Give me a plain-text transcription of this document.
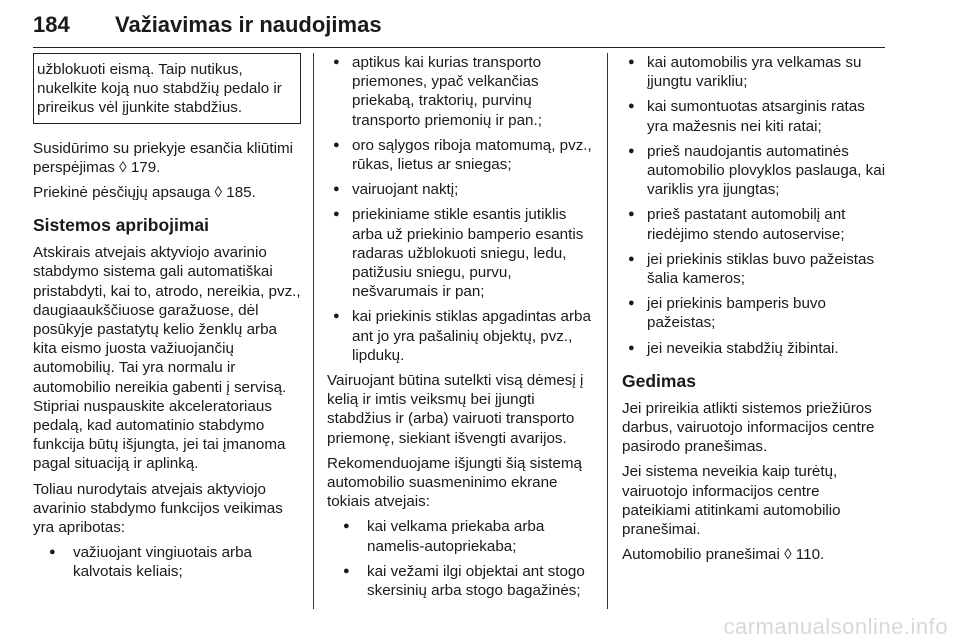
184 Važiavimas ir naudojimas

užblokuoti eismą. Taip nutikus, nukelkite koją nuo stabdžių pedalo ir prireikus vėl įjunkite stabdžius.

Susidūrimo su priekyje esančia kliūtimi perspėjimas ◊ 179.

Priekinė pėsčiųjų apsauga ◊ 185.

Sistemos apribojimai

Atskirais atvejais aktyviojo avarinio stabdymo sistema gali automatiškai pristabdyti, kai to, atrodo, nereikia, pvz., daugiaaukščiuose garažuose, dėl posūkyje pastatytų kelio ženklų arba kita eismo juosta važiuojančių automobilių. Tai yra normalu ir automobilio nereikia gabenti į servisą. Stipriai nuspauskite akceleratoriaus pedalą, kad automatinio stabdymo funkcija būtų išjungta, jei tai įmanoma pagal situaciją ir aplinką.

Toliau nurodytais atvejais aktyviojo avarinio stabdymo funkcijos veikimas yra apribotas:

● važiuojant vingiuotais arba kalvotais keliais;
● aptikus kai kurias transporto priemones, ypač velkančias priekabą, traktorių, purvinų transporto priemonių ir pan.;
● oro sąlygos riboja matomumą, pvz., rūkas, lietus ar sniegas;
● vairuojant naktį;
● priekiniame stikle esantis jutiklis arba už priekinio bamperio esantis radaras užblokuoti sniegu, ledu, patižusiu sniegu, purvu, nešvarumais ir pan;
● kai priekinis stiklas apgadintas arba ant jo yra pašalinių objektų, pvz., lipdukų.

Vairuojant būtina sutelkti visą dėmesį į kelią ir imtis veiksmų bei įjungti stabdžius ir (arba) vairuoti transporto priemonę, siekiant išvengti avarijos.

Rekomenduojame išjungti šią sistemą automobilio suasmeninimo ekrane tokiais atvejais:

● kai velkama priekaba arba namelis-autopriekaba;
● kai vežami ilgi objektai ant stogo skersinių arba stogo bagažinės;
● kai automobilis yra velkamas su įjungtu varikliu;
● kai sumontuotas atsarginis ratas yra mažesnis nei kiti ratai;
● prieš naudojantis automatinės automobilio plovyklos paslauga, kai variklis yra įjungtas;
● prieš pastatant automobilį ant riedėjimo stendo autoservise;
● jei priekinis stiklas buvo pažeistas šalia kameros;
● jei priekinis bamperis buvo pažeistas;
● jei neveikia stabdžių žibintai.
Gedimas

Jei prireikia atlikti sistemos priežiūros darbus, vairuotojo informacijos centre pasirodo pranešimas.

Jei sistema neveikia kaip turėtų, vairuotojo informacijos centre pateikiami atitinkami automobilio pranešimai.

Automobilio pranešimai ◊ 110.

carmanualsonline.info
